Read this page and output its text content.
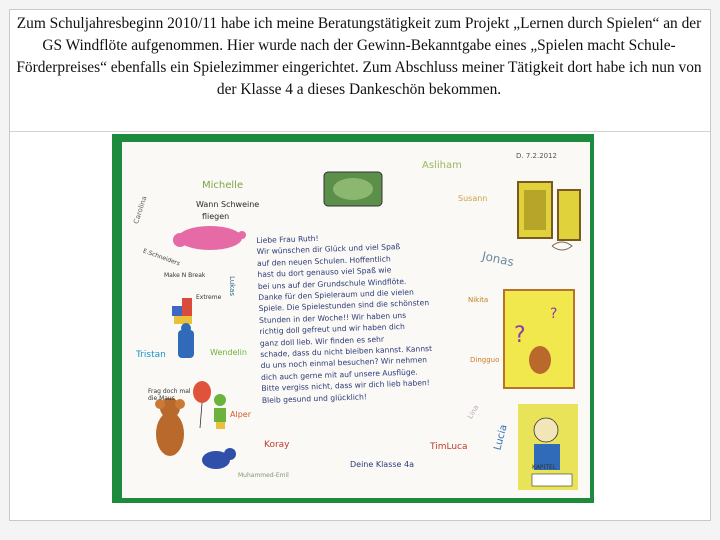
Zum Schuljahresbeginn 2010/11 habe ich meine Beratungstätigkeit zum Projekt „Lernen durch Spielen“ an der GS Windflöte aufgenommen. Hier wurde nach der Gewinn-Bekanntgabe eines „Spielen macht Schule-Förderpreises“ ebenfalls ein Spielezimmer eingerichtet. Zum Abschluss meiner Tätigkeit dort habe ich nun von der Klasse 4 a dieses Dankeschön bekommen.
?
?
Michelle
Wann Schweine
fliegen
Carolina
E.Schneiders
Make N Break
Extreme
Lukas
Tristan	Wendelin
Frag doch mal die Maus
Alper
Koray
Muhammed-Emil
TimLuca
Asliham
Susann
Jonas
Nikita
Dingguo
Lina
Lucia
KAPITEL
D. 7.2.2012
Liebe Frau Ruth!
Wir wünschen dir Glück und viel Spaß
auf den neuen Schulen. Hoffentlich
hast du dort genauso viel Spaß wie
bei uns auf der Grundschule Windflöte.
Danke für den Spieleraum und die vielen
Spiele. Die Spielestunden sind die schönsten
Stunden in der Woche!! Wir haben uns
richtig doll gefreut und wir haben dich
ganz doll lieb. Wir finden es sehr
schade, dass du nicht bleiben kannst. Kannst
du uns noch einmal besuchen? Wir nehmen
dich auch gerne mit auf unsere Ausflüge.
Bitte vergiss nicht, dass wir dich lieb haben!
Bleib gesund und glücklich!
Deine Klasse 4a
